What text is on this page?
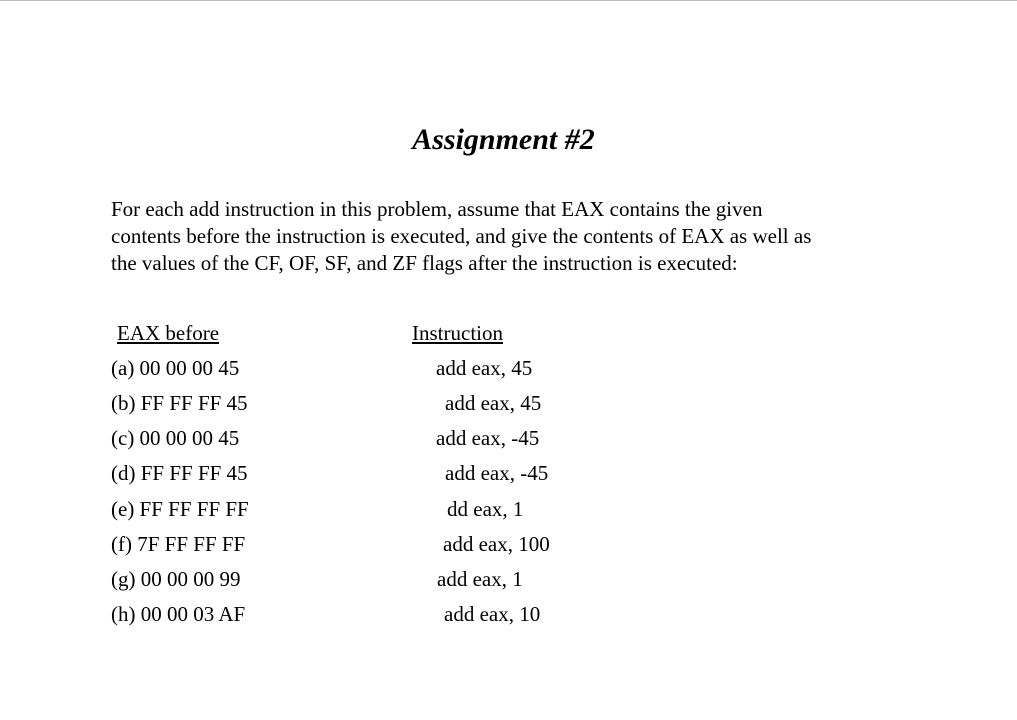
Assignment #2
For each add instruction in this problem, assume that EAX contains the given
contents before the instruction is executed, and give the contents of EAX as well as
the values of the CF, OF, SF, and ZF flags after the instruction is executed:
EAX before	Instruction
(a) 00 00 00 45	add eax, 45
(b) FF FF FF 45	add eax, 45
(c) 00 00 00 45	add eax, -45
(d) FF FF FF 45	add eax, -45
(e) FF FF FF FF	dd eax, 1
(f) 7F FF FF FF	add eax, 100
(g) 00 00 00 99	add eax, 1
(h) 00 00 03 AF	add eax, 10
